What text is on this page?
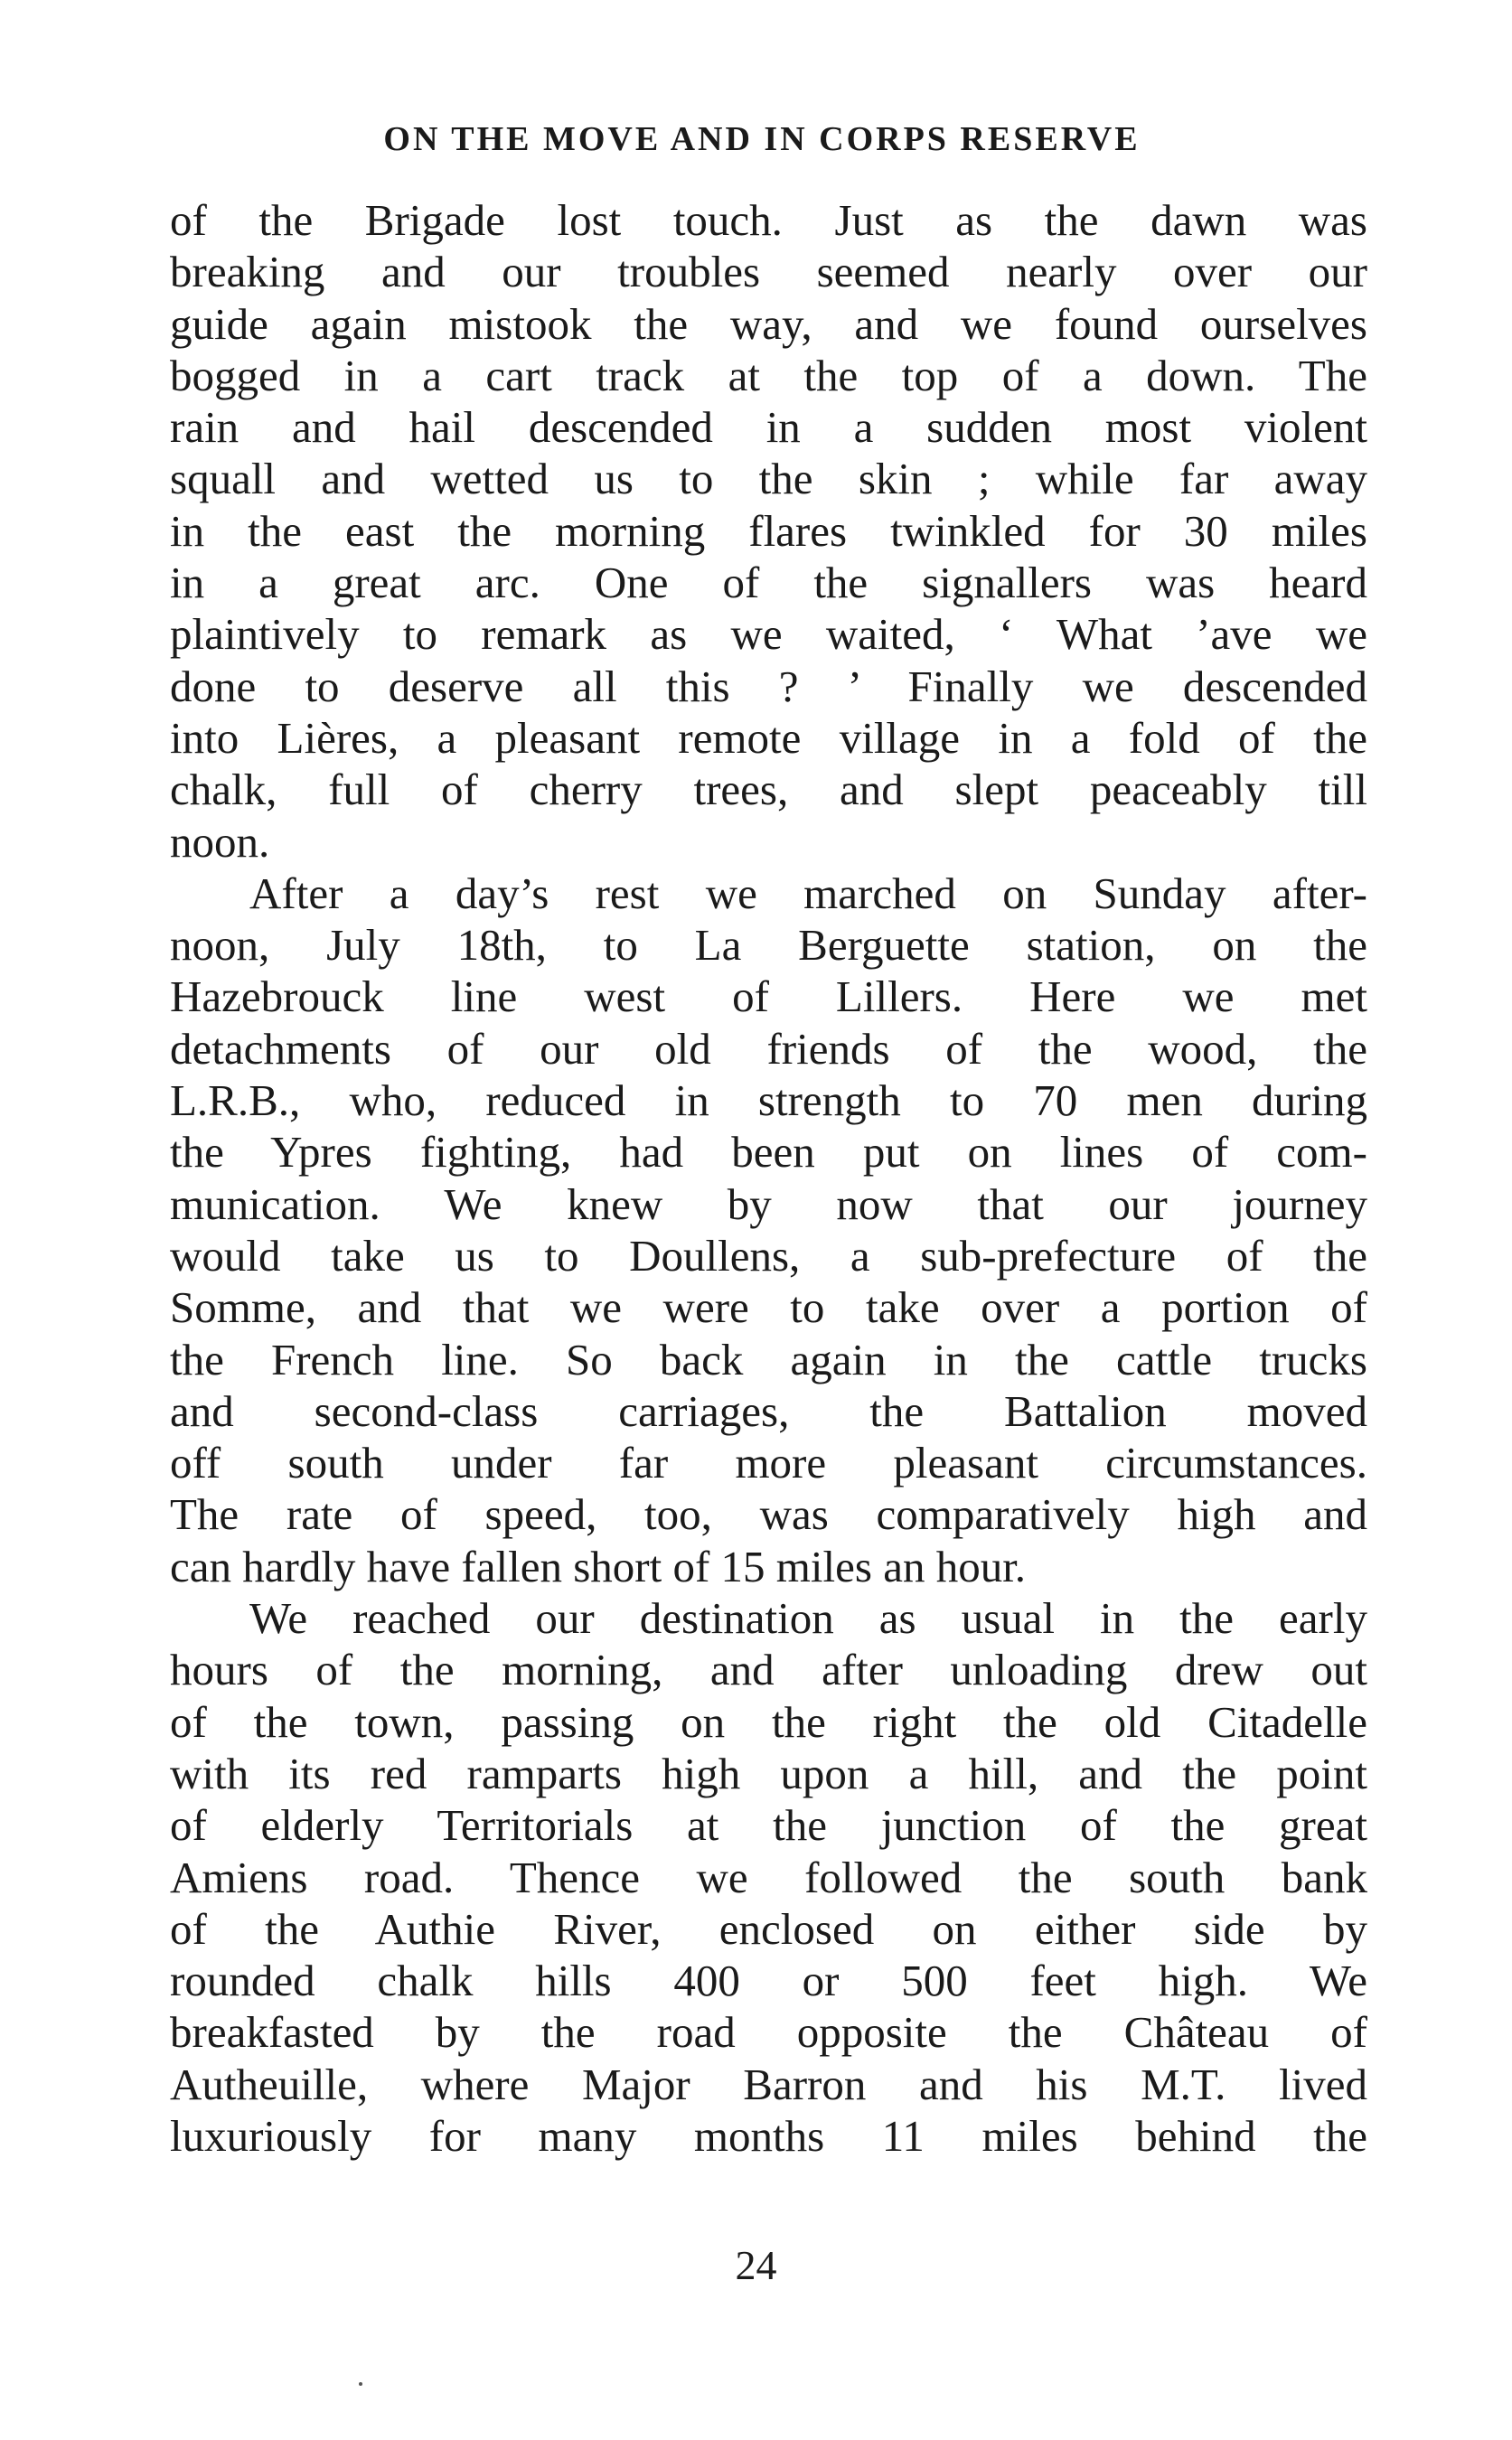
ON THE MOVE AND IN CORPS RESERVE
of the Brigade lost touch. Just as the dawn was
breaking and our troubles seemed nearly over our
guide again mistook the way, and we found ourselves
bogged in a cart track at the top of a down. The
rain and hail descended in a sudden most violent
squall and wetted us to the skin ; while far away
in the east the morning flares twinkled for 30 miles
in a great arc. One of the signallers was heard
plaintively to remark as we waited, ‘ What ’ave we
done to deserve all this ? ’ Finally we descended
into Lières, a pleasant remote village in a fold of the
chalk, full of cherry trees, and slept peaceably till
noon.
After a day’s rest we marched on Sunday after-
noon, July 18th, to La Berguette station, on the
Hazebrouck line west of Lillers. Here we met
detachments of our old friends of the wood, the
L.R.B., who, reduced in strength to 70 men during
the Ypres fighting, had been put on lines of com-
munication. We knew by now that our journey
would take us to Doullens, a sub-prefecture of the
Somme, and that we were to take over a portion of
the French line. So back again in the cattle trucks
and second-class carriages, the Battalion moved
off south under far more pleasant circumstances.
The rate of speed, too, was comparatively high and
can hardly have fallen short of 15 miles an hour.
We reached our destination as usual in the early
hours of the morning, and after unloading drew out
of the town, passing on the right the old Citadelle
with its red ramparts high upon a hill, and the point
of elderly Territorials at the junction of the great
Amiens road. Thence we followed the south bank
of the Authie River, enclosed on either side by
rounded chalk hills 400 or 500 feet high. We
breakfasted by the road opposite the Château of
Autheuille, where Major Barron and his M.T. lived
luxuriously for many months 11 miles behind the
24
